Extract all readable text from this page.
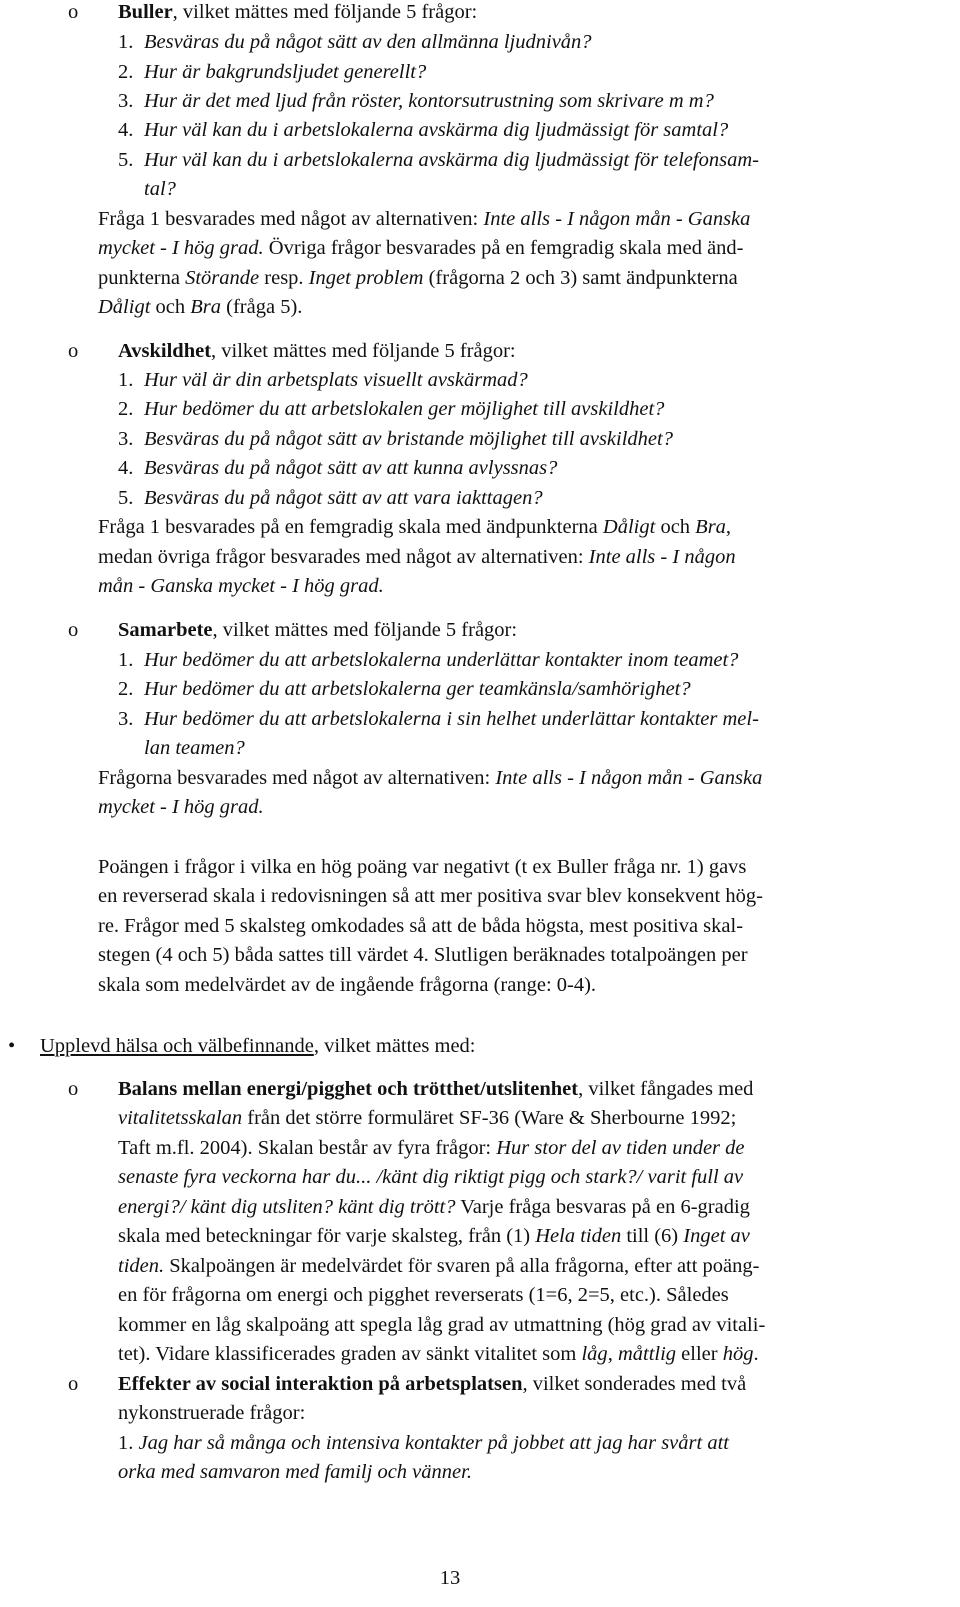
o Buller, vilket mättes med följande 5 frågor:
1. Besväras du på något sätt av den allmänna ljudnivån?
2. Hur är bakgrundsljudet generellt?
3. Hur är det med ljud från röster, kontorsutrustning som skrivare m m?
4. Hur väl kan du i arbetslokalerna avskärma dig ljudmässigt för samtal?
5. Hur väl kan du i arbetslokalerna avskärma dig ljudmässigt för telefonsam-
tal?
Fråga 1 besvarades med något av alternativen: Inte alls - I någon mån - Ganska
mycket - I hög grad. Övriga frågor besvarades på en femgradig skala med änd-
punkterna Störande resp. Inget problem (frågorna 2 och 3) samt ändpunkterna
Dåligt och Bra (fråga 5).
o Avskildhet, vilket mättes med följande 5 frågor:
1. Hur väl är din arbetsplats visuellt avskärmad?
2. Hur bedömer du att arbetslokalen ger möjlighet till avskildhet?
3. Besväras du på något sätt av bristande möjlighet till avskildhet?
4. Besväras du på något sätt av att kunna avlyssnas?
5. Besväras du på något sätt av att vara iakttagen?
Fråga 1 besvarades på en femgradig skala med ändpunkterna Dåligt och Bra,
medan övriga frågor besvarades med något av alternativen: Inte alls - I någon
mån - Ganska mycket - I hög grad.
o Samarbete, vilket mättes med följande 5 frågor:
1. Hur bedömer du att arbetslokalerna underlättar kontakter inom teamet?
2. Hur bedömer du att arbetslokalerna ger teamkänsla/samhörighet?
3. Hur bedömer du att arbetslokalerna i sin helhet underlättar kontakter mel-
lan teamen?
Frågorna besvarades med något av alternativen: Inte alls - I någon mån - Ganska
mycket - I hög grad.
Poängen i frågor i vilka en hög poäng var negativt (t ex Buller fråga nr. 1) gavs
en reverserad skala i redovisningen så att mer positiva svar blev konsekvent hög-
re. Frågor med 5 skalsteg omkodades så att de båda högsta, mest positiva skal-
stegen (4 och 5) båda sattes till värdet 4. Slutligen beräknades totalpoängen per
skala som medelvärdet av de ingående frågorna (range: 0-4).
• Upplevd hälsa och välbefinnande, vilket mättes med:
o Balans mellan energi/pigghet och trötthet/utslitenhet, vilket fångades med
vitalitetsskalan från det större formuläret SF-36 (Ware & Sherbourne 1992;
Taft m.fl. 2004). Skalan består av fyra frågor: Hur stor del av tiden under de
senaste fyra veckorna har du... /känt dig riktigt pigg och stark?/ varit full av
energi?/ känt dig utsliten? känt dig trött? Varje fråga besvaras på en 6-gradig
skala med beteckningar för varje skalsteg, från (1) Hela tiden till (6) Inget av
tiden. Skalpoängen är medelvärdet för svaren på alla frågorna, efter att poäng-
en för frågorna om energi och pigghet reverserats (1=6, 2=5, etc.). Således
kommer en låg skalpoäng att spegla låg grad av utmattning (hög grad av vitali-
tet). Vidare klassificerades graden av sänkt vitalitet som låg, måttlig eller hög.
o Effekter av social interaktion på arbetsplatsen, vilket sonderades med två
nykonstruerade frågor:
1. Jag har så många och intensiva kontakter på jobbet att jag har svårt att
orka med samvaron med familj och vänner.
13
